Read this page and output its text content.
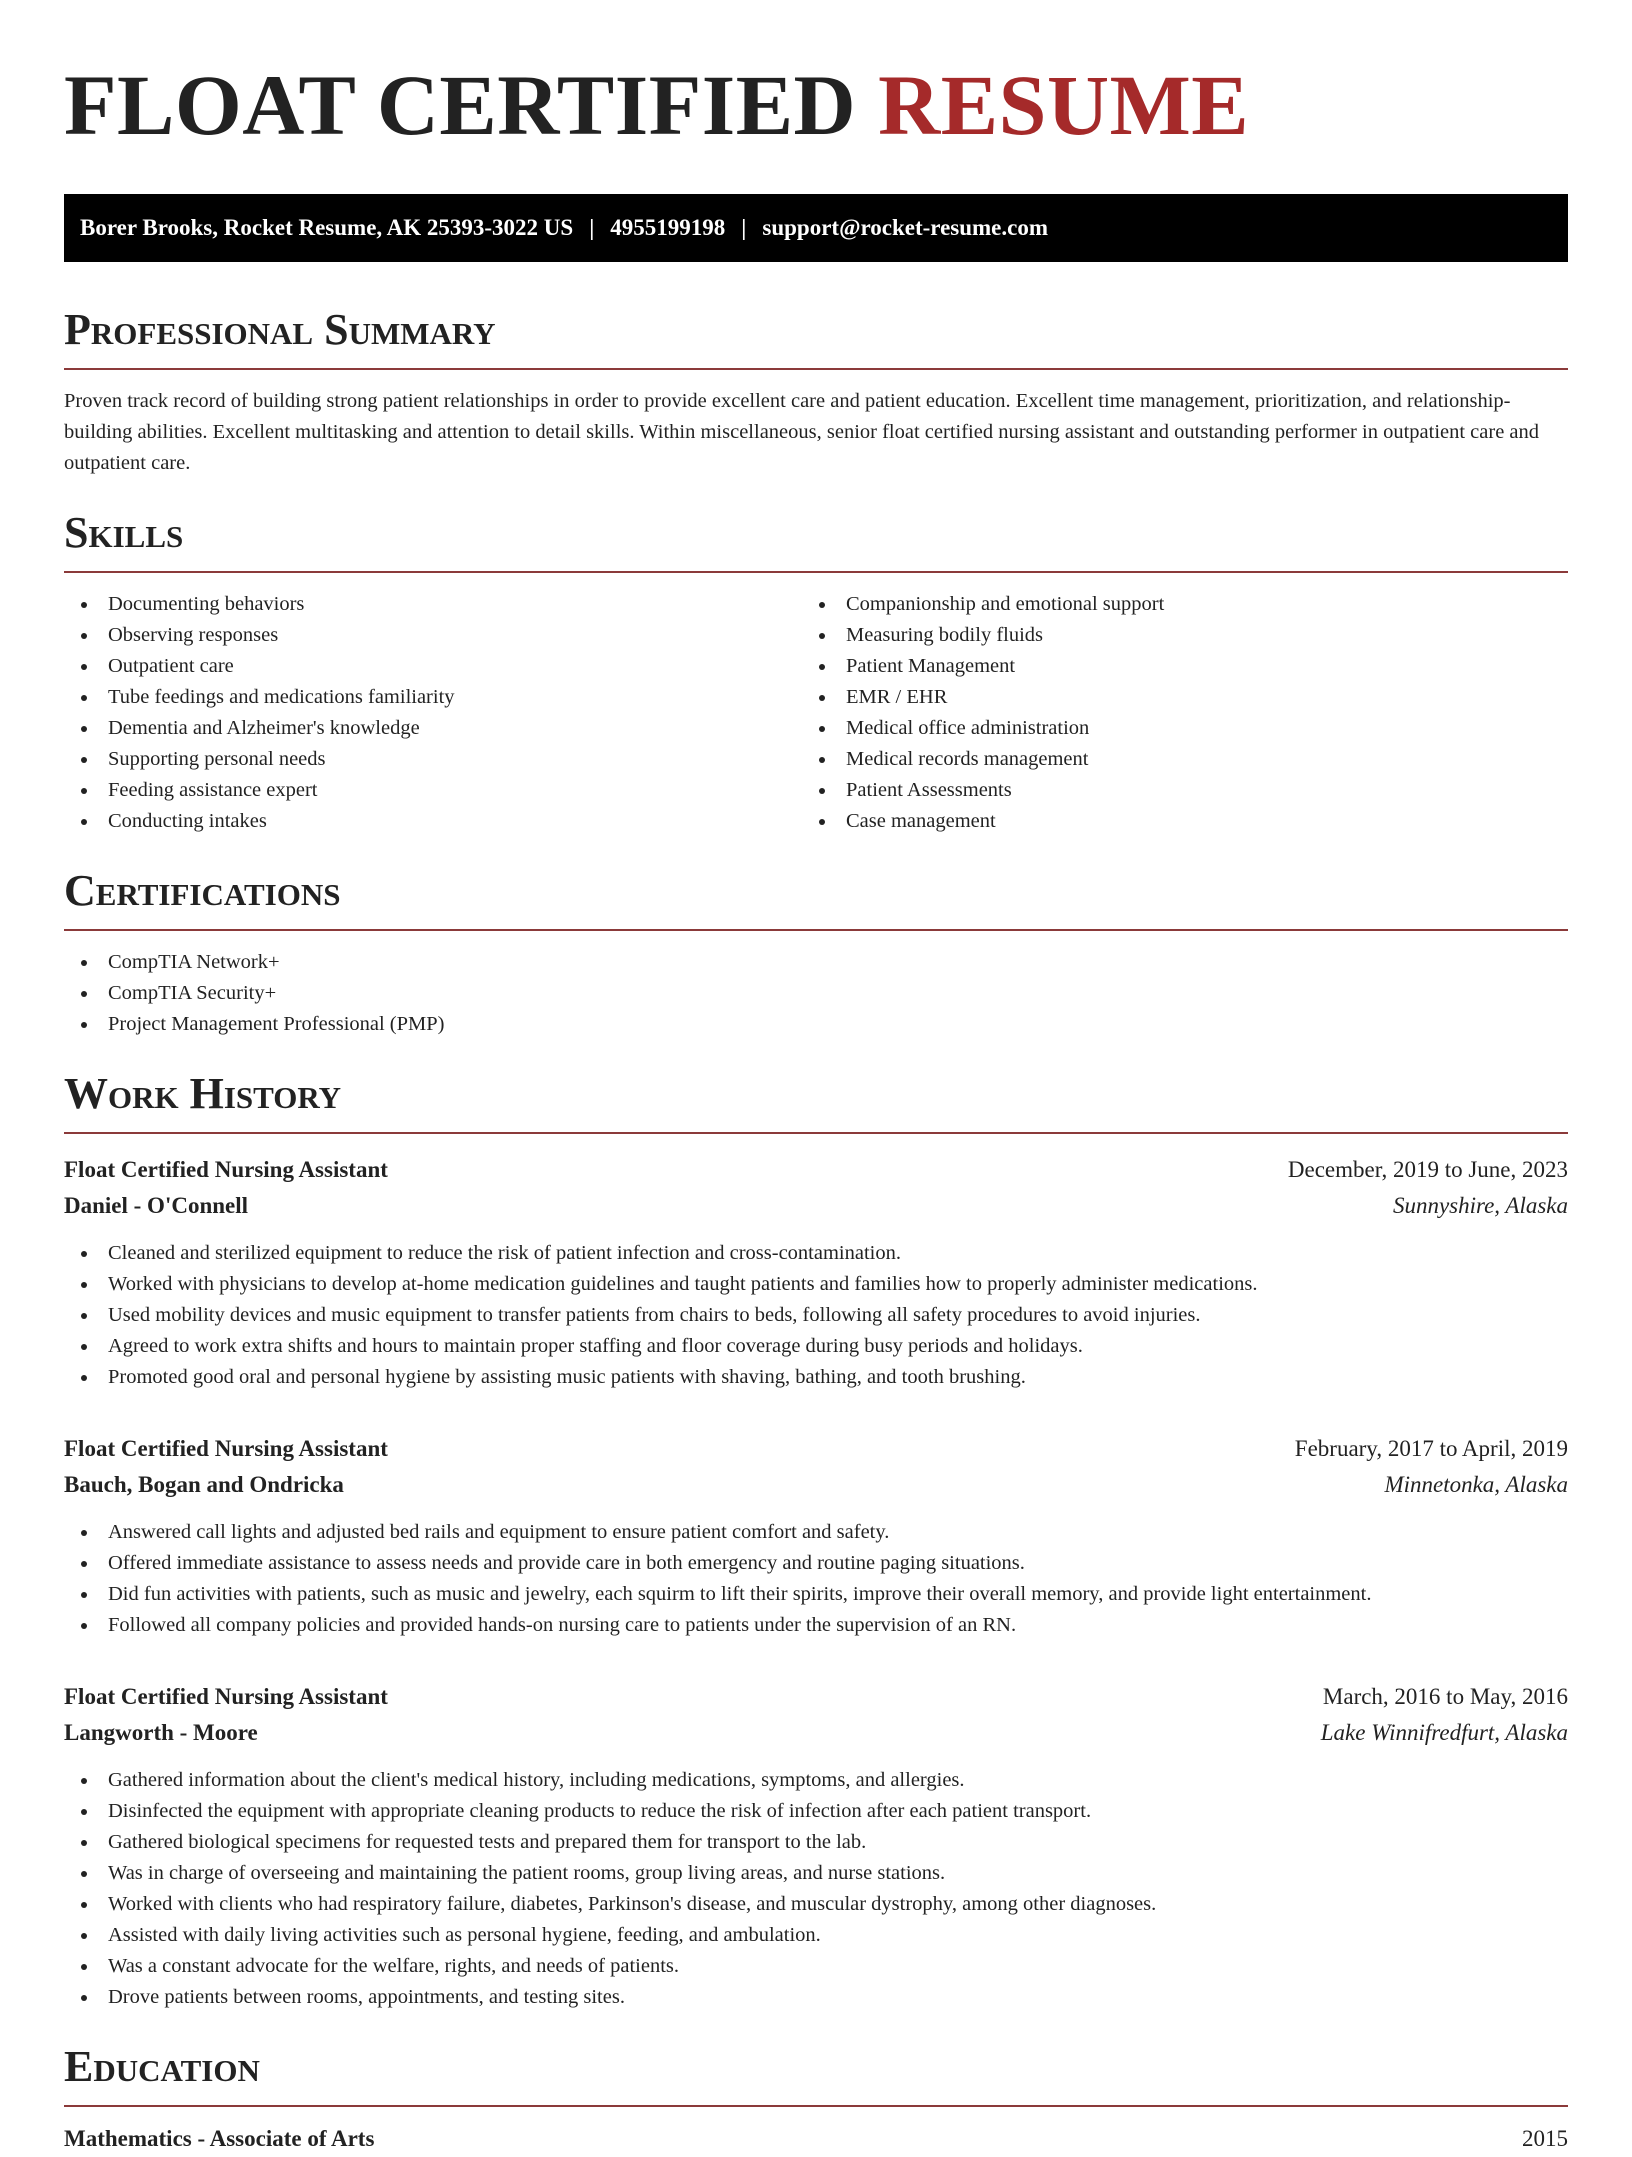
FLOAT CERTIFIED RESUME
Borer Brooks, Rocket Resume, AK 25393-3022 US | 4955199198 | support@rocket-resume.com
Professional Summary

Proven track record of building strong patient relationships in order to provide excellent care and patient education. Excellent time management, prioritization, and relationship-building abilities. Excellent multitasking and attention to detail skills. Within miscellaneous, senior float certified nursing assistant and outstanding performer in outpatient care and outpatient care.

Skills
Documenting behaviors
Observing responses
Outpatient care
Tube feedings and medications familiarity
Dementia and Alzheimer's knowledge
Supporting personal needs
Feeding assistance expert
Conducting intakes
Companionship and emotional support
Measuring bodily fluids
Patient Management
EMR / EHR
Medical office administration
Medical records management
Patient Assessments
Case management
Certifications
CompTIA Network+
CompTIA Security+
Project Management Professional (PMP)
Work History
Float Certified Nursing Assistant	December, 2019 to June, 2023
Daniel - O'Connell	Sunnyshire, Alaska
Cleaned and sterilized equipment to reduce the risk of patient infection and cross-contamination.
Worked with physicians to develop at-home medication guidelines and taught patients and families how to properly administer medications.
Used mobility devices and music equipment to transfer patients from chairs to beds, following all safety procedures to avoid injuries.
Agreed to work extra shifts and hours to maintain proper staffing and floor coverage during busy periods and holidays.
Promoted good oral and personal hygiene by assisting music patients with shaving, bathing, and tooth brushing.
Float Certified Nursing Assistant	February, 2017 to April, 2019
Bauch, Bogan and Ondricka	Minnetonka, Alaska
Answered call lights and adjusted bed rails and equipment to ensure patient comfort and safety.
Offered immediate assistance to assess needs and provide care in both emergency and routine paging situations.
Did fun activities with patients, such as music and jewelry, each squirm to lift their spirits, improve their overall memory, and provide light entertainment.
Followed all company policies and provided hands-on nursing care to patients under the supervision of an RN.
Float Certified Nursing Assistant	March, 2016 to May, 2016
Langworth - Moore	Lake Winnifredfurt, Alaska
Gathered information about the client's medical history, including medications, symptoms, and allergies.
Disinfected the equipment with appropriate cleaning products to reduce the risk of infection after each patient transport.
Gathered biological specimens for requested tests and prepared them for transport to the lab.
Was in charge of overseeing and maintaining the patient rooms, group living areas, and nurse stations.
Worked with clients who had respiratory failure, diabetes, Parkinson's disease, and muscular dystrophy, among other diagnoses.
Assisted with daily living activities such as personal hygiene, feeding, and ambulation.
Was a constant advocate for the welfare, rights, and needs of patients.
Drove patients between rooms, appointments, and testing sites.
Education
Mathematics - Associate of Arts	2015
